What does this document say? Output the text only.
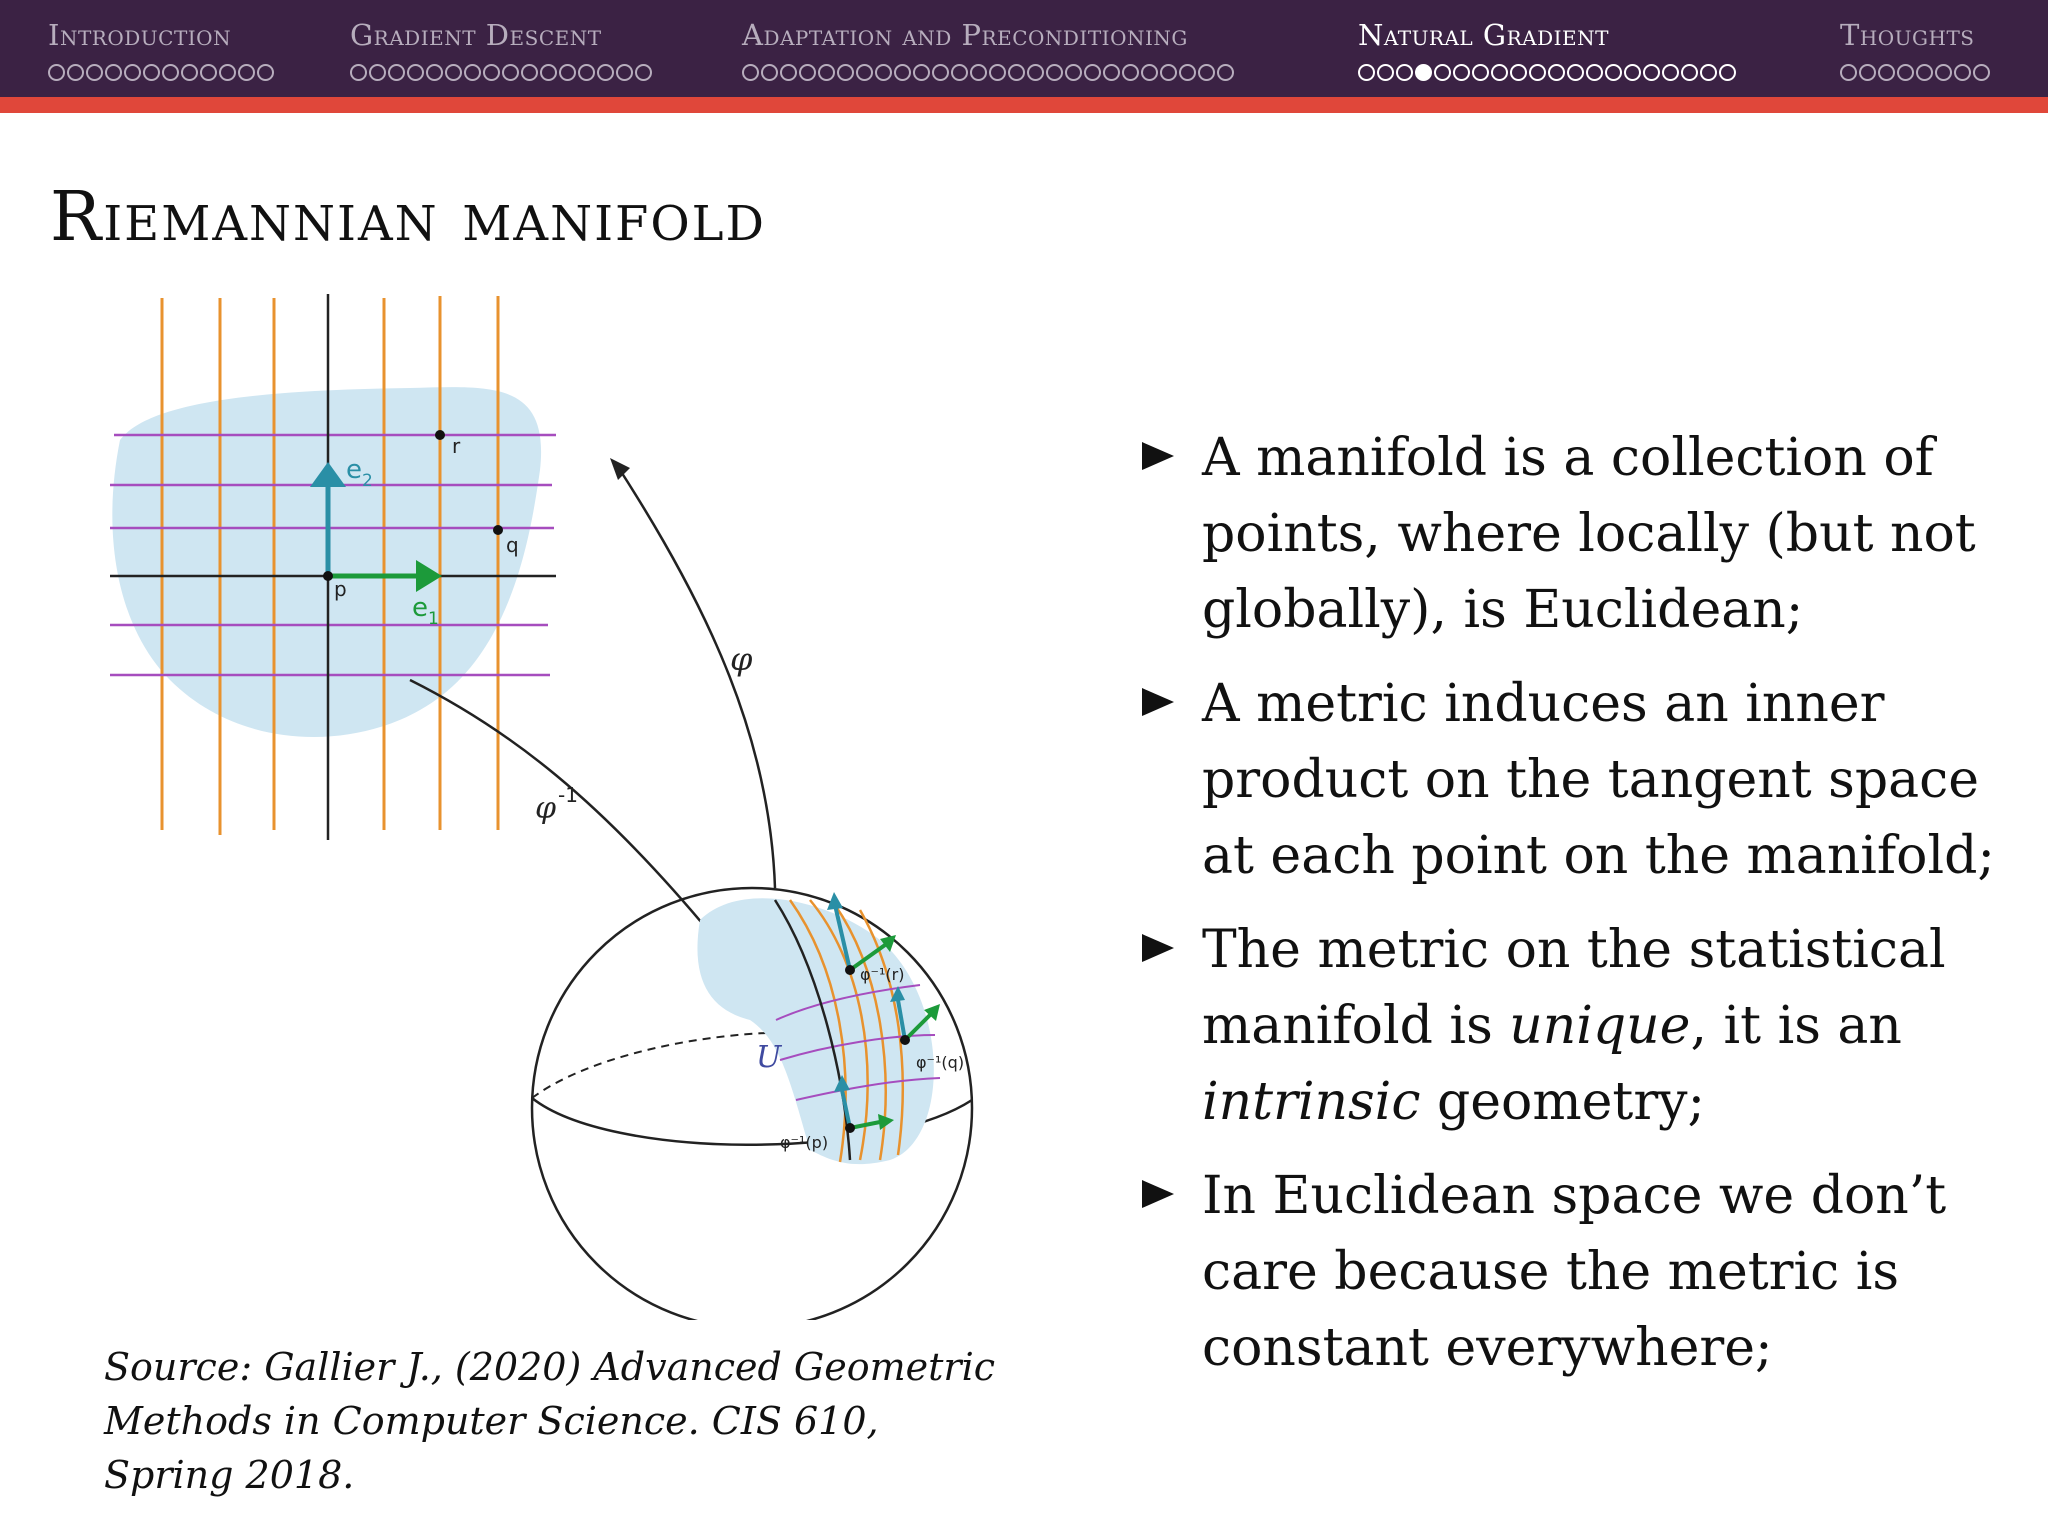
Introduction	Gradient Descent	Adaptation and Preconditioning	Natural Gradient	Thoughts
Riemannian manifold
e 2
e 1
p
q
r
φ
φ -1
U
φ⁻¹(r)
φ⁻¹(q)
φ⁻¹(p)
Source: Gallier J., (2020) Advanced Geometric
Methods in Computer Science. CIS 610, Spring 2018.
A manifold is a collection of points, where locally (but not globally), is Euclidean;
A metric induces an inner product on the tangent space at each point on the manifold;
The metric on the statistical manifold is unique, it is an intrinsic geometry;
In Euclidean space we don’t care because the metric is constant everywhere;
